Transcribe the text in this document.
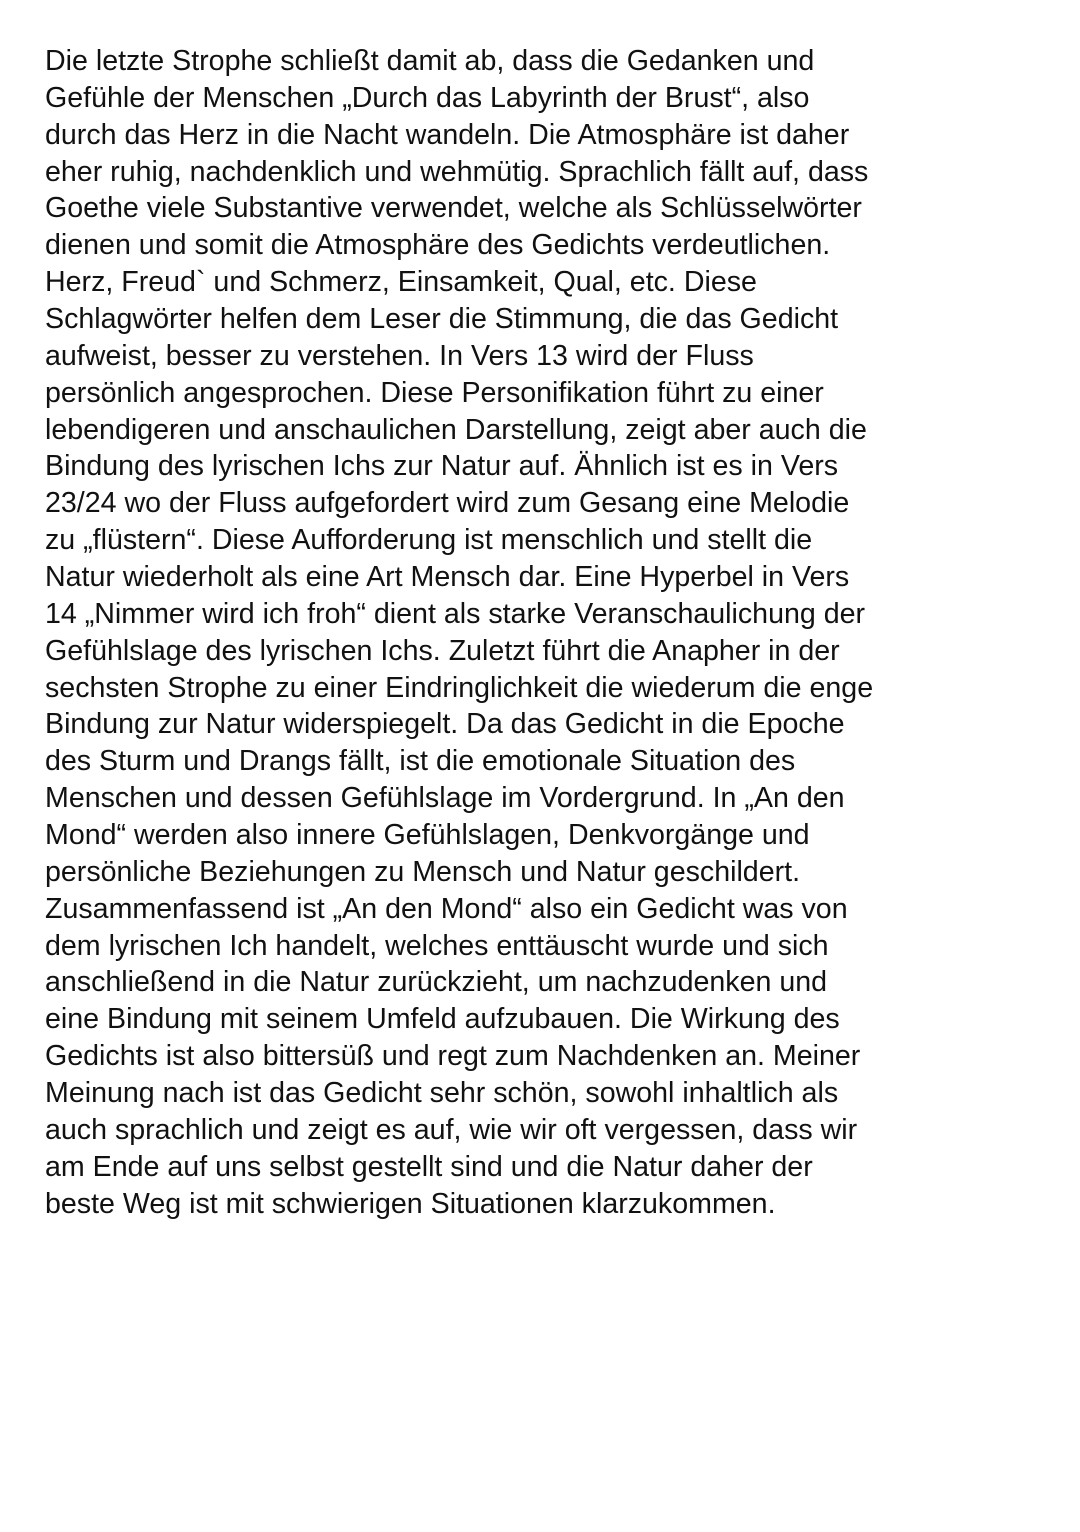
Die letzte Strophe schließt damit ab, dass die Gedanken und
Gefühle der Menschen „Durch das Labyrinth der Brust“, also
durch das Herz in die Nacht wandeln. Die Atmosphäre ist daher
eher ruhig, nachdenklich und wehmütig. Sprachlich fällt auf, dass
Goethe viele Substantive verwendet, welche als Schlüsselwörter
dienen und somit die Atmosphäre des Gedichts verdeutlichen.
Herz, Freud` und Schmerz, Einsamkeit, Qual, etc. Diese
Schlagwörter helfen dem Leser die Stimmung, die das Gedicht
aufweist, besser zu verstehen. In Vers 13 wird der Fluss
persönlich angesprochen. Diese Personifikation führt zu einer
lebendigeren und anschaulichen Darstellung, zeigt aber auch die
Bindung des lyrischen Ichs zur Natur auf. Ähnlich ist es in Vers
23/24 wo der Fluss aufgefordert wird zum Gesang eine Melodie
zu „flüstern“. Diese Aufforderung ist menschlich und stellt die
Natur wiederholt als eine Art Mensch dar. Eine Hyperbel in Vers
14 „Nimmer wird ich froh“ dient als starke Veranschaulichung der
Gefühlslage des lyrischen Ichs. Zuletzt führt die Anapher in der
sechsten Strophe zu einer Eindringlichkeit die wiederum die enge
Bindung zur Natur widerspiegelt. Da das Gedicht in die Epoche
des Sturm und Drangs fällt, ist die emotionale Situation des
Menschen und dessen Gefühlslage im Vordergrund. In „An den
Mond“ werden also innere Gefühlslagen, Denkvorgänge und
persönliche Beziehungen zu Mensch und Natur geschildert.
Zusammenfassend ist „An den Mond“ also ein Gedicht was von
dem lyrischen Ich handelt, welches enttäuscht wurde und sich
anschließend in die Natur zurückzieht, um nachzudenken und
eine Bindung mit seinem Umfeld aufzubauen. Die Wirkung des
Gedichts ist also bittersüß und regt zum Nachdenken an. Meiner
Meinung nach ist das Gedicht sehr schön, sowohl inhaltlich als
auch sprachlich und zeigt es auf, wie wir oft vergessen, dass wir
am Ende auf uns selbst gestellt sind und die Natur daher der
beste Weg ist mit schwierigen Situationen klarzukommen.
